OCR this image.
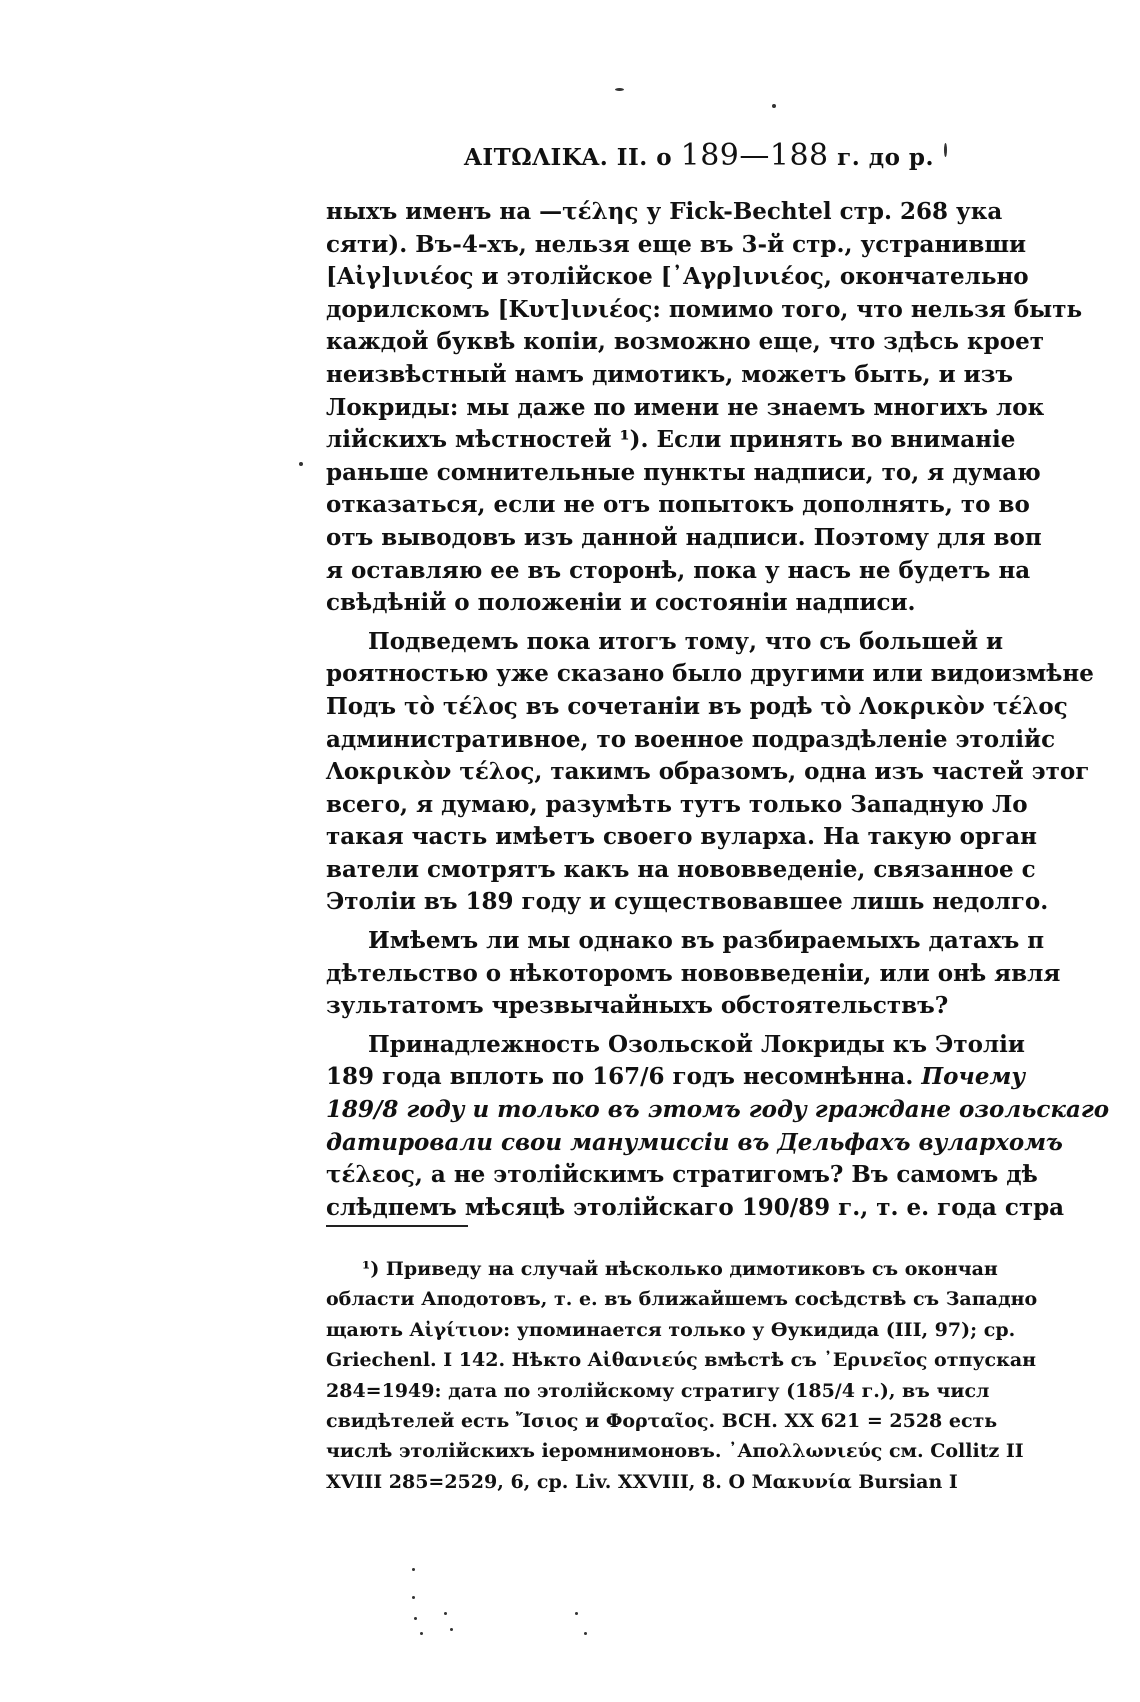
AITΩΛIKA. II. о 189—188 г. до р.
ныхъ именъ на —τέλης у Fick-Bechtel стр. 268 ука
сяти). Въ-4-хъ, нельзя еще въ 3-й стр., устранивши
[Αἰγ]ινιέος и этолійское [᾽Αγρ]ινιέος, окончательно
дорилскомъ [Κυτ]ινιέος: помимо того, что нельзя быть
каждой буквѣ копіи, возможно еще, что здѣсь кроет
неизвѣстный намъ димотикъ, можетъ быть, и изъ
Локриды: мы даже по имени не знаемъ многихъ лок
лійскихъ мѣстностей ¹). Если принять во вниманіе
раньше сомнительные пункты надписи, то, я думаю
отказаться, если не отъ попытокъ дополнять, то во
отъ выводовъ изъ данной надписи. Поэтому для воп
я оставляю ее въ сторонѣ, пока у насъ не будетъ на
свѣдѣній о положеніи и состояніи надписи.
Подведемъ пока итогъ тому, что съ большей и
роятностью уже сказано было другими или видоизмѣне
Подъ τὸ τέλος въ сочетаніи въ родѣ τὸ Λοκρικὸν τέλος
административное, то военное подраздѣленіе этолійс
Λοκρικὸν τέλος, такимъ образомъ, одна изъ частей этог
всего, я думаю, разумѣть тутъ только Западную Ло
такая часть имѣетъ своего вуларха. На такую орган
ватели смотрятъ какъ на нововведеніе, связанное с
Этоліи въ 189 году и существовавшее лишь недолго.
Имѣемъ ли мы однако въ разбираемыхъ датахъ п
дѣтельство о нѣкоторомъ нововведеніи, или онѣ явля
зультатомъ чрезвычайныхъ обстоятельствъ?
Принадлежность Озольской Локриды къ Этоліи
189 года вплоть по 167/6 годъ несомнѣнна. Почему
189/8 году и только въ этомъ году граждане озольскаго
датировали свои манумиссіи въ Дельфахъ вулархомъ
τέλεος, а не этолійскимъ стратигомъ? Въ самомъ дѣ
слѣдпемъ мѣсяцѣ этолійскаго 190/89 г., т. е. года стра
¹) Приведу на случай нѣсколько димотиковъ съ окончан
области Аподотовъ, т. е. въ ближайшемъ сосѣдствѣ съ Западно
щають Αἰγίτιον: упоминается только у Өукидида (III, 97); ср.
Griechenl. I 142. Нѣкто Αἰθανιεύς вмѣстѣ съ ᾽Ερινεῖος отпускан
284=1949: дата по этолійскому стратигу (185/4 г.), въ числ
свидѣтелей есть Ἴσιος и Φορταῖος. BCH. XX 621 = 2528 есть
числѣ этолійскихъ іеромнимоновъ. ᾽Απολλωνιεύς см. Collitz II
XVIII 285=2529, 6, ср. Liv. XXVIII, 8. О Μακυνία Bursian I
